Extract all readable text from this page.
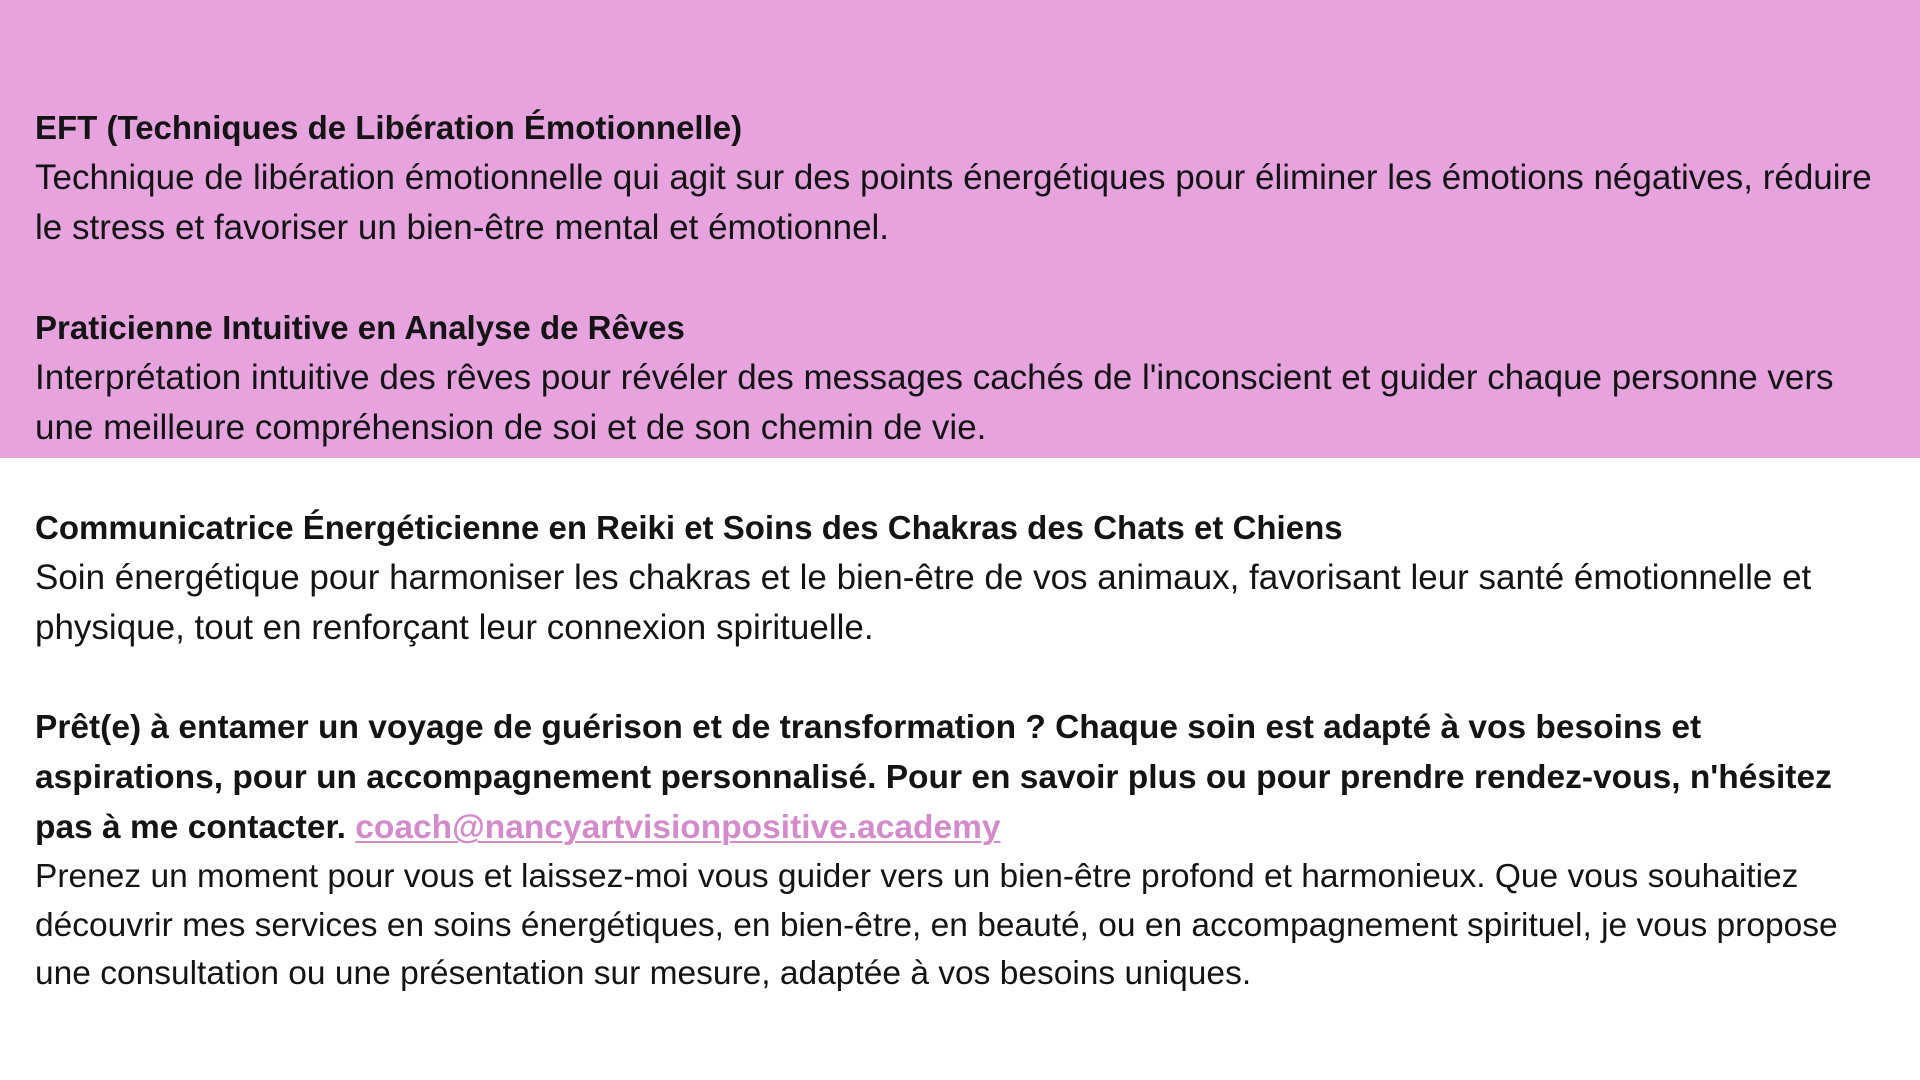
EFT (Techniques de Libération Émotionnelle)

Technique de libération émotionnelle qui agit sur des points énergétiques pour éliminer les émotions négatives, réduire le stress et favoriser un bien-être mental et émotionnel.

Praticienne Intuitive en Analyse de Rêves

Interprétation intuitive des rêves pour révéler des messages cachés de l'inconscient et guider chaque personne vers une meilleure compréhension de soi et de son chemin de vie.

Communicatrice Énergéticienne en Reiki et Soins des Chakras des Chats et Chiens

Soin énergétique pour harmoniser les chakras et le bien-être de vos animaux, favorisant leur santé émotionnelle et physique, tout en renforçant leur connexion spirituelle.

Prêt(e) à entamer un voyage de guérison et de transformation ? Chaque soin est adapté à vos besoins et aspirations, pour un accompagnement personnalisé. Pour en savoir plus ou pour prendre rendez-vous, n'hésitez pas à me contacter. coach@nancyartvisionpositive.academy

Prenez un moment pour vous et laissez-moi vous guider vers un bien-être profond et harmonieux. Que vous souhaitiez découvrir mes services en soins énergétiques, en bien-être, en beauté, ou en accompagnement spirituel, je vous propose une consultation ou une présentation sur mesure, adaptée à vos besoins uniques.
